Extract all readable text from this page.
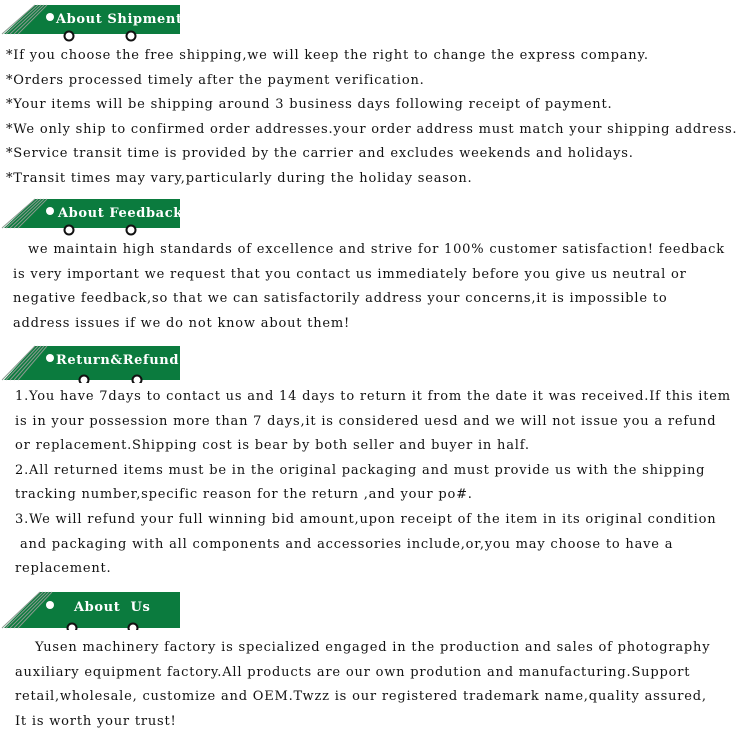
About Shipment
*If you choose the free shipping,we will keep the right to change the express company.
*Orders processed timely after the payment verification.
*Your items will be shipping around 3 business days following receipt of payment.
*We only ship to confirmed order addresses.your order address must match your shipping address.
*Service transit time is provided by the carrier and excludes weekends and holidays.
*Transit times may vary,particularly during the holiday season.
About Feedback
we maintain high standards of excellence and strive for 100% customer satisfaction! feedback
is very important we request that you contact us immediately before you give us neutral or
negative feedback,so that we can satisfactorily address your concerns,it is impossible to
address issues if we do not know about them!
Return&Refund
1.You have 7days to contact us and 14 days to return it from the date it was received.If this item
is in your possession more than 7 days,it is considered uesd and we will not issue you a refund
or replacement.Shipping cost is bear by both seller and buyer in half.
2.All returned items must be in the original packaging and must provide us with the shipping
tracking number,specific reason for the return ,and your po#.
3.We will refund your full winning bid amount,upon receipt of the item in its original condition
and packaging with all components and accessories include,or,you may choose to have a
replacement.
About  Us
Yusen machinery factory is specialized engaged in the production and sales of photography
auxiliary equipment factory.All products are our own prodution and manufacturing.Support
retail,wholesale, customize and OEM.Twzz is our registered trademark name,quality assured,
It is worth your trust!
